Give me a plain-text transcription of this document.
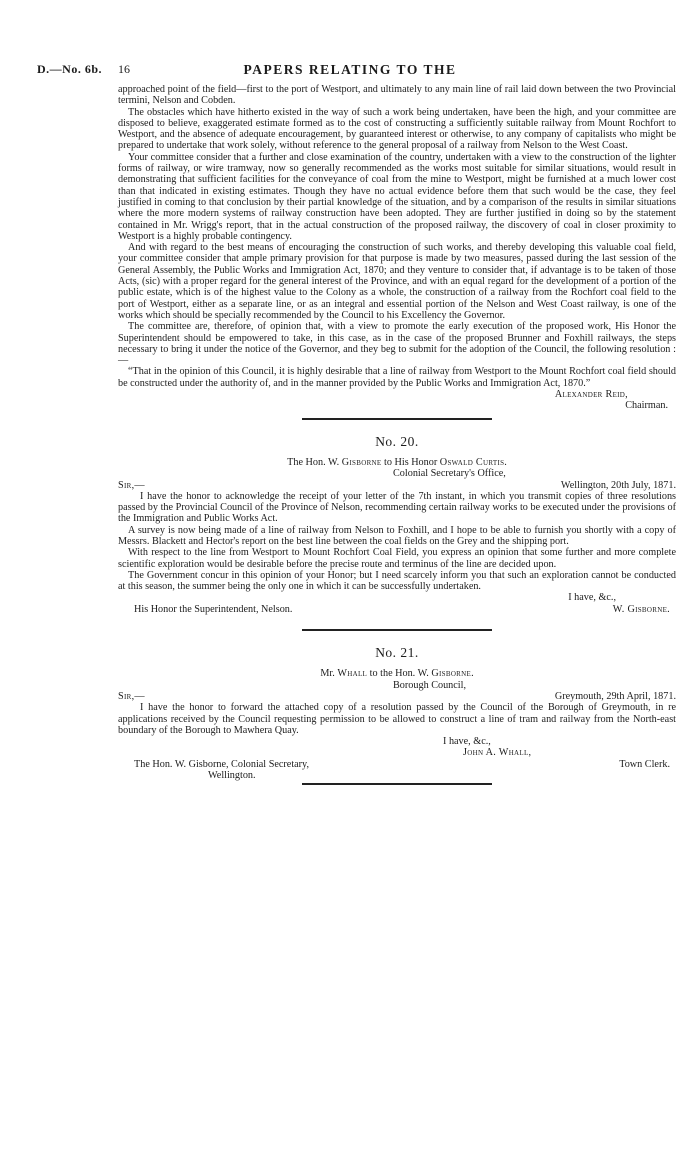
D.—No. 6b. 16	PAPERS RELATING TO THE

approached point of the field—first to the port of Westport, and ultimately to any main line of rail laid down between the two Provincial termini, Nelson and Cobden.

The obstacles which have hitherto existed in the way of such a work being undertaken, have been the high, and your committee are disposed to believe, exaggerated estimate formed as to the cost of constructing a sufficiently suitable railway from Mount Rochfort to Westport, and the absence of adequate encouragement, by guaranteed interest or otherwise, to any company of capitalists who might be prepared to undertake that work solely, without reference to the general proposal of a railway from Nelson to the West Coast.

Your committee consider that a further and close examination of the country, undertaken with a view to the construction of the lighter forms of railway, or wire tramway, now so generally recommended as the works most suitable for similar situations, would result in demonstrating that sufficient facilities for the conveyance of coal from the mine to Westport, might be furnished at a much lower cost than that indicated in existing estimates. Though they have no actual evidence before them that such would be the case, they feel justified in coming to that conclusion by their partial knowledge of the situation, and by a comparison of the results in similar situations where the more modern systems of railway construction have been adopted. They are further justified in doing so by the statement contained in Mr. Wrigg's report, that in the actual construction of the proposed railway, the discovery of coal in closer proximity to Westport is a highly probable contingency.

And with regard to the best means of encouraging the construction of such works, and thereby developing this valuable coal field, your committee consider that ample primary provision for that purpose is made by two measures, passed during the last session of the General Assembly, the Public Works and Immigration Act, 1870; and they venture to consider that, if advantage is to be taken of those Acts, (sic) with a proper regard for the general interest of the Province, and with an equal regard for the development of a portion of the public estate, which is of the highest value to the Colony as a whole, the construction of a railway from the Rochfort coal field to the port of Westport, either as a separate line, or as an integral and essential portion of the Nelson and West Coast railway, is one of the works which should be specially recommended by the Council to his Excellency the Governor.

The committee are, therefore, of opinion that, with a view to promote the early execution of the proposed work, His Honor the Superintendent should be empowered to take, in this case, as in the case of the proposed Brunner and Foxhill railways, the steps necessary to bring it under the notice of the Governor, and they beg to submit for the adoption of the Council, the following resolution :—

“That in the opinion of this Council, it is highly desirable that a line of railway from Westport to the Mount Rochfort coal field should be constructed under the authority of, and in the manner provided by the Public Works and Immigration Act, 1870.”

Alexander Reid,

Chairman.

No. 20.

The Hon. W. Gisborne to His Honor Oswald Curtis.

Colonial Secretary's Office,

Sir,—	Wellington, 20th July, 1871.

I have the honor to acknowledge the receipt of your letter of the 7th instant, in which you transmit copies of three resolutions passed by the Provincial Council of the Province of Nelson, recommending certain railway works to be executed under the provisions of the Immigration and Public Works Act.

A survey is now being made of a line of railway from Nelson to Foxhill, and I hope to be able to furnish you shortly with a copy of Messrs. Blackett and Hector's report on the best line between the coal fields on the Grey and the shipping port.

With respect to the line from Westport to Mount Rochfort Coal Field, you express an opinion that some further and more complete scientific exploration would be desirable before the precise route and terminus of the line are decided upon.

The Government concur in this opinion of your Honor; but I need scarcely inform you that such an exploration cannot be conducted at this season, the summer being the only one in which it can be successfully undertaken.

I have, &c.,

His Honor the Superintendent, Nelson.	W. Gisborne.
No. 21.

Mr. Whall to the Hon. W. Gisborne.

Borough Council,

Sir,—	Greymouth, 29th April, 1871.

I have the honor to forward the attached copy of a resolution passed by the Council of the Borough of Greymouth, in re applications received by the Council requesting permission to be allowed to construct a line of tram and railway from the North-east boundary of the Borough to Mawhera Quay.

I have, &c.,

John A. Whall,

The Hon. W. Gisborne, Colonial Secretary,	Town Clerk.

Wellington.
